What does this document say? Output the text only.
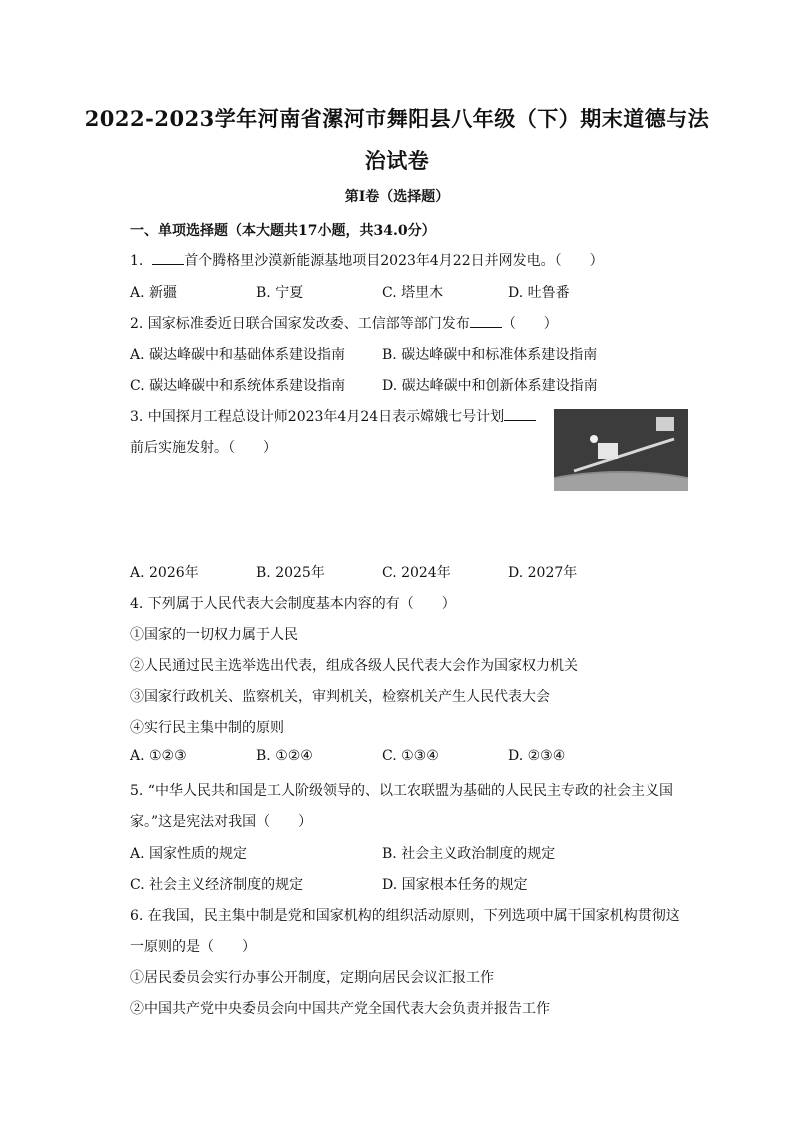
2022-2023学年河南省漯河市舞阳县八年级（下）期末道德与法
治试卷
第I卷（选择题）
一、单项选择题（本大题共17小题，共34.0分）
1.	首个腾格里沙漠新能源基地项目2023年4月22日并网发电。（　　）
A. 新疆	B. 宁夏	C. 塔里木	D. 吐鲁番
2. 国家标准委近日联合国家发改委、工信部等部门发布 （　　）
A. 碳达峰碳中和基础体系建设指南	B. 碳达峰碳中和标准体系建设指南
C. 碳达峰碳中和系统体系建设指南	D. 碳达峰碳中和创新体系建设指南
3. 中国探月工程总设计师2023年4月24日表示嫦娥七号计划
前后实施发射。（　　）
A. 2026年	B. 2025年	C. 2024年	D. 2027年
4. 下列属于人民代表大会制度基本内容的有（　　）
①国家的一切权力属于人民
②人民通过民主选举选出代表，组成各级人民代表大会作为国家权力机关
③国家行政机关、监察机关，审判机关，检察机关产生人民代表大会
④实行民主集中制的原则
A. ①②③	B. ①②④	C. ①③④	D. ②③④
5. “中华人民共和国是工人阶级领导的、以工农联盟为基础的人民民主专政的社会主义国
家。”这是宪法对我国（　　）
A. 国家性质的规定	B. 社会主义政治制度的规定
C. 社会主义经济制度的规定	D. 国家根本任务的规定
6. 在我国，民主集中制是党和国家机构的组织活动原则，下列选项中属干国家机构贯彻这
一原则的是（　　）
①居民委员会实行办事公开制度，定期向居民会议汇报工作
②中国共产党中央委员会向中国共产党全国代表大会负责并报告工作
